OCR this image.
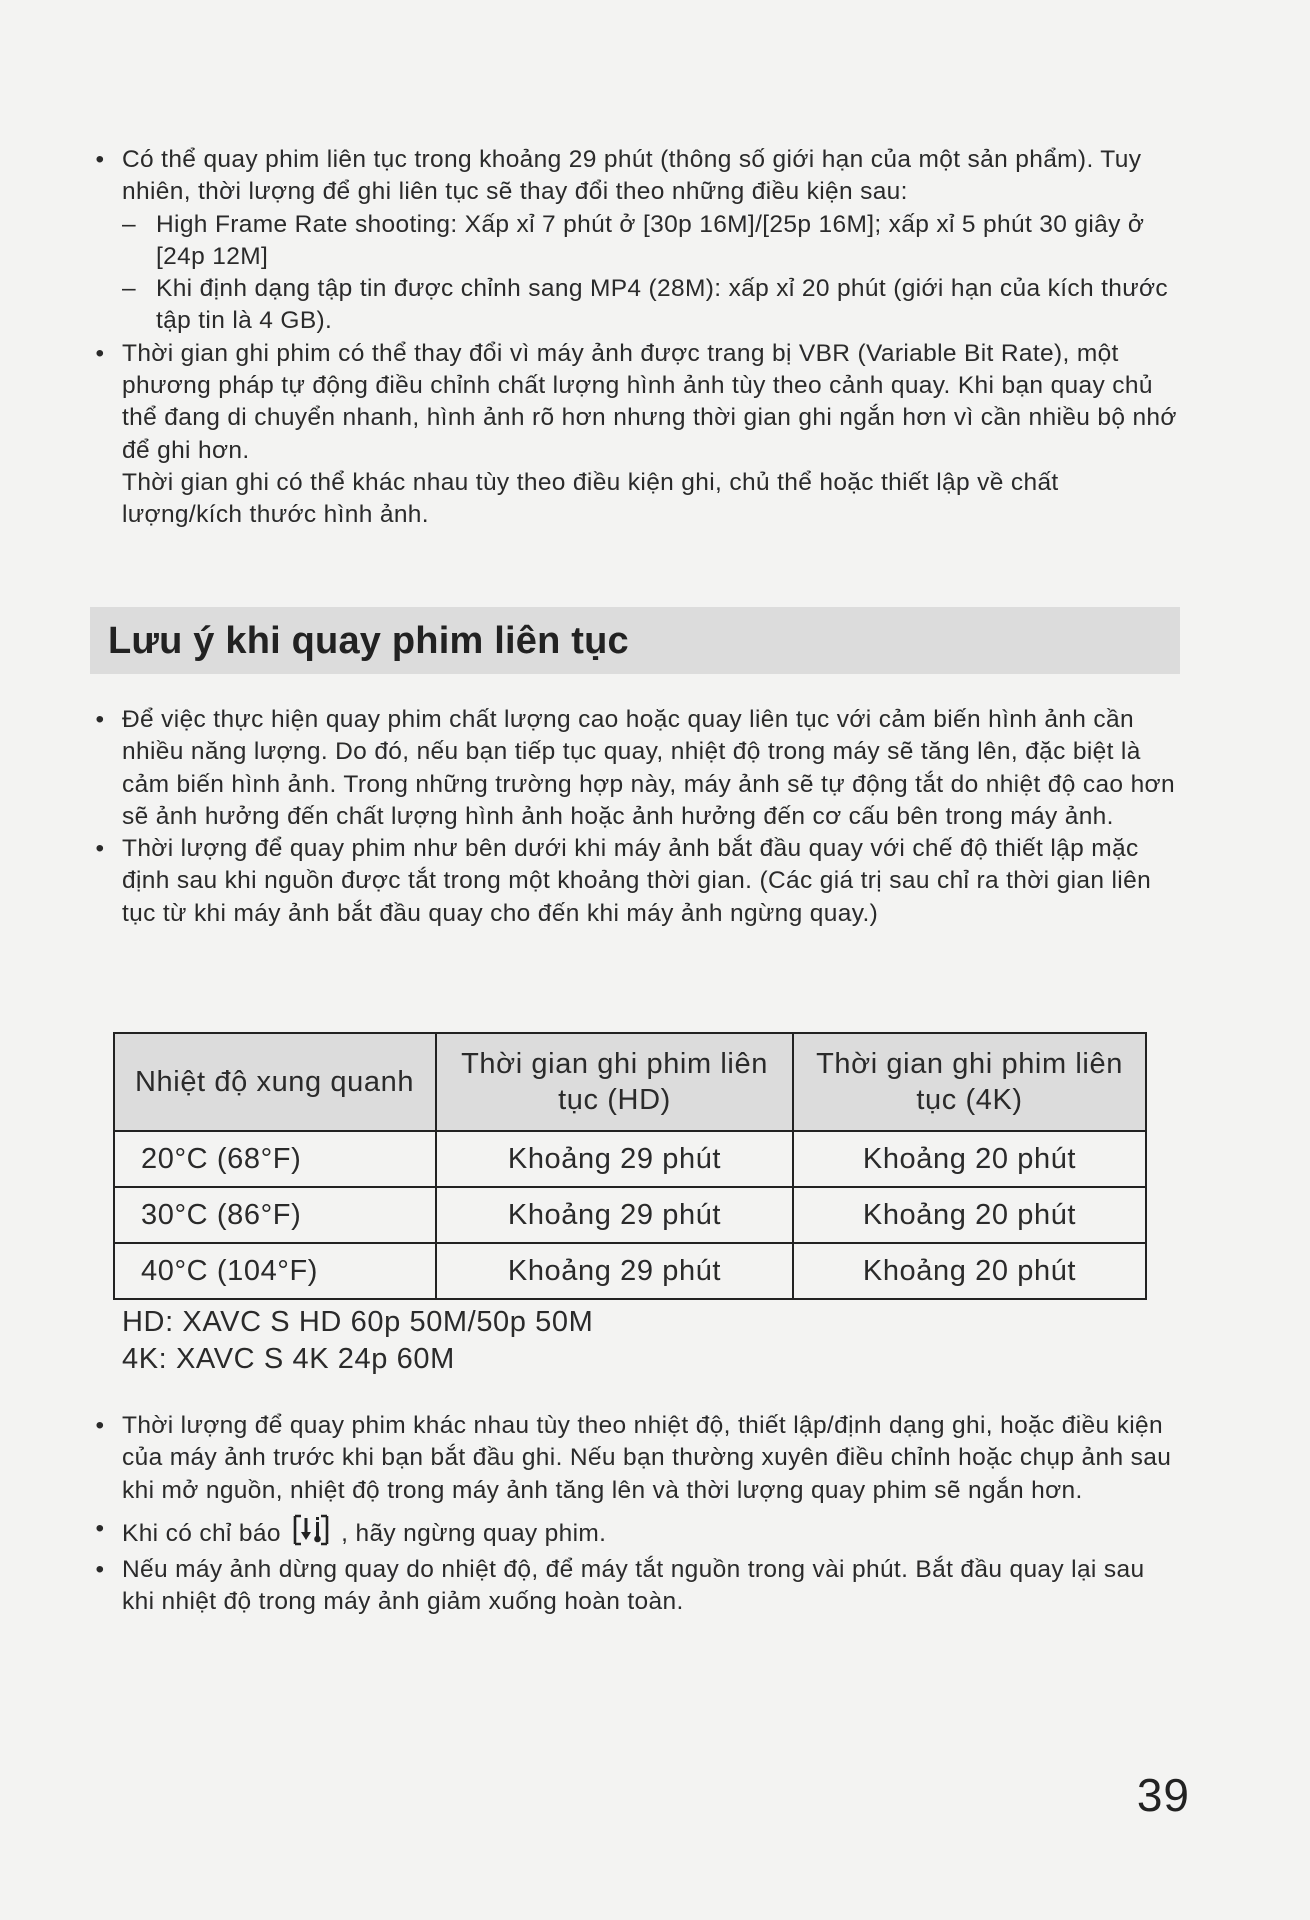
• Có thể quay phim liên tục trong khoảng 29 phút (thông số giới hạn của một sản phẩm). Tuy nhiên, thời lượng để ghi liên tục sẽ thay đổi theo những điều kiện sau:
– High Frame Rate shooting: Xấp xỉ 7 phút ở [30p 16M]/[25p 16M]; xấp xỉ 5 phút 30 giây ở [24p 12M]
– Khi định dạng tập tin được chỉnh sang MP4 (28M): xấp xỉ 20 phút (giới hạn của kích thước tập tin là 4 GB).
• Thời gian ghi phim có thể thay đổi vì máy ảnh được trang bị VBR (Variable Bit Rate), một phương pháp tự động điều chỉnh chất lượng hình ảnh tùy theo cảnh quay. Khi bạn quay chủ thể đang di chuyển nhanh, hình ảnh rõ hơn nhưng thời gian ghi ngắn hơn vì cần nhiều bộ nhớ để ghi hơn.
Thời gian ghi có thể khác nhau tùy theo điều kiện ghi, chủ thể hoặc thiết lập về chất lượng/kích thước hình ảnh.
Lưu ý khi quay phim liên tục
• Để việc thực hiện quay phim chất lượng cao hoặc quay liên tục với cảm biến hình ảnh cần nhiều năng lượng. Do đó, nếu bạn tiếp tục quay, nhiệt độ trong máy sẽ tăng lên, đặc biệt là cảm biến hình ảnh. Trong những trường hợp này, máy ảnh sẽ tự động tắt do nhiệt độ cao hơn sẽ ảnh hưởng đến chất lượng hình ảnh hoặc ảnh hưởng đến cơ cấu bên trong máy ảnh.
• Thời lượng để quay phim như bên dưới khi máy ảnh bắt đầu quay với chế độ thiết lập mặc định sau khi nguồn được tắt trong một khoảng thời gian. (Các giá trị sau chỉ ra thời gian liên tục từ khi máy ảnh bắt đầu quay cho đến khi máy ảnh ngừng quay.)
Nhiệt độ xung quanh	Thời gian ghi phim liên tục (HD)	Thời gian ghi phim liên tục (4K)
20°C (68°F)	Khoảng 29 phút	Khoảng 20 phút
30°C (86°F)	Khoảng 29 phút	Khoảng 20 phút
40°C (104°F)	Khoảng 29 phút	Khoảng 20 phút
HD: XAVC S HD 60p 50M/50p 50M
4K: XAVC S 4K 24p 60M
• Thời lượng để quay phim khác nhau tùy theo nhiệt độ, thiết lập/định dạng ghi, hoặc điều kiện của máy ảnh trước khi bạn bắt đầu ghi. Nếu bạn thường xuyên điều chỉnh hoặc chụp ảnh sau khi mở nguồn, nhiệt độ trong máy ảnh tăng lên và thời lượng quay phim sẽ ngắn hơn.
• Khi có chỉ báo , hãy ngừng quay phim.
• Nếu máy ảnh dừng quay do nhiệt độ, để máy tắt nguồn trong vài phút. Bắt đầu quay lại sau khi nhiệt độ trong máy ảnh giảm xuống hoàn toàn.
39
